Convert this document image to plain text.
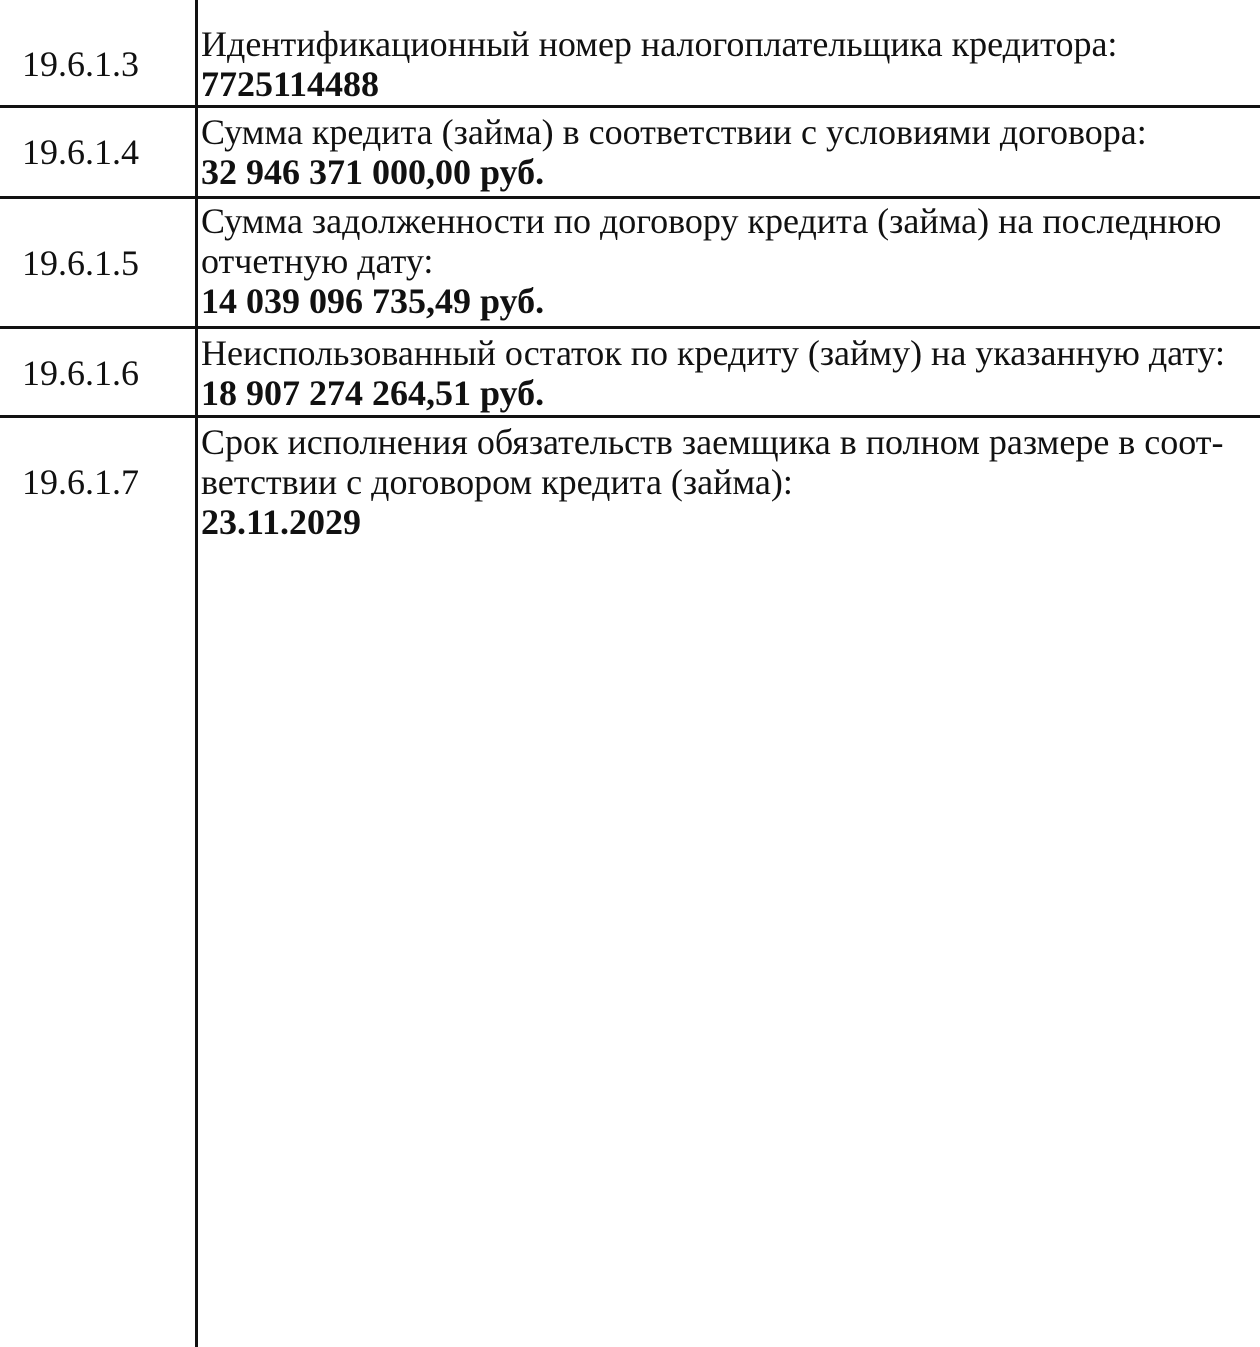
19.6.1.3 Идентификационный номер налогоплательщика кредитора:
7725114488
19.6.1.4 Сумма кредита (займа) в соответствии с условиями договора:
32 946 371 000,00 руб.
19.6.1.5
Сумма задолженности по договору кредита (займа) на последнюю
отчетную дату:
14 039 096 735,49 руб.
19.6.1.6 Неиспользованный остаток по кредиту (займу) на указанную дату:
18 907 274 264,51 руб.
19.6.1.7
Срок исполнения обязательств заемщика в полном размере в соот-
ветствии с договором кредита (займа):
23.11.2029
